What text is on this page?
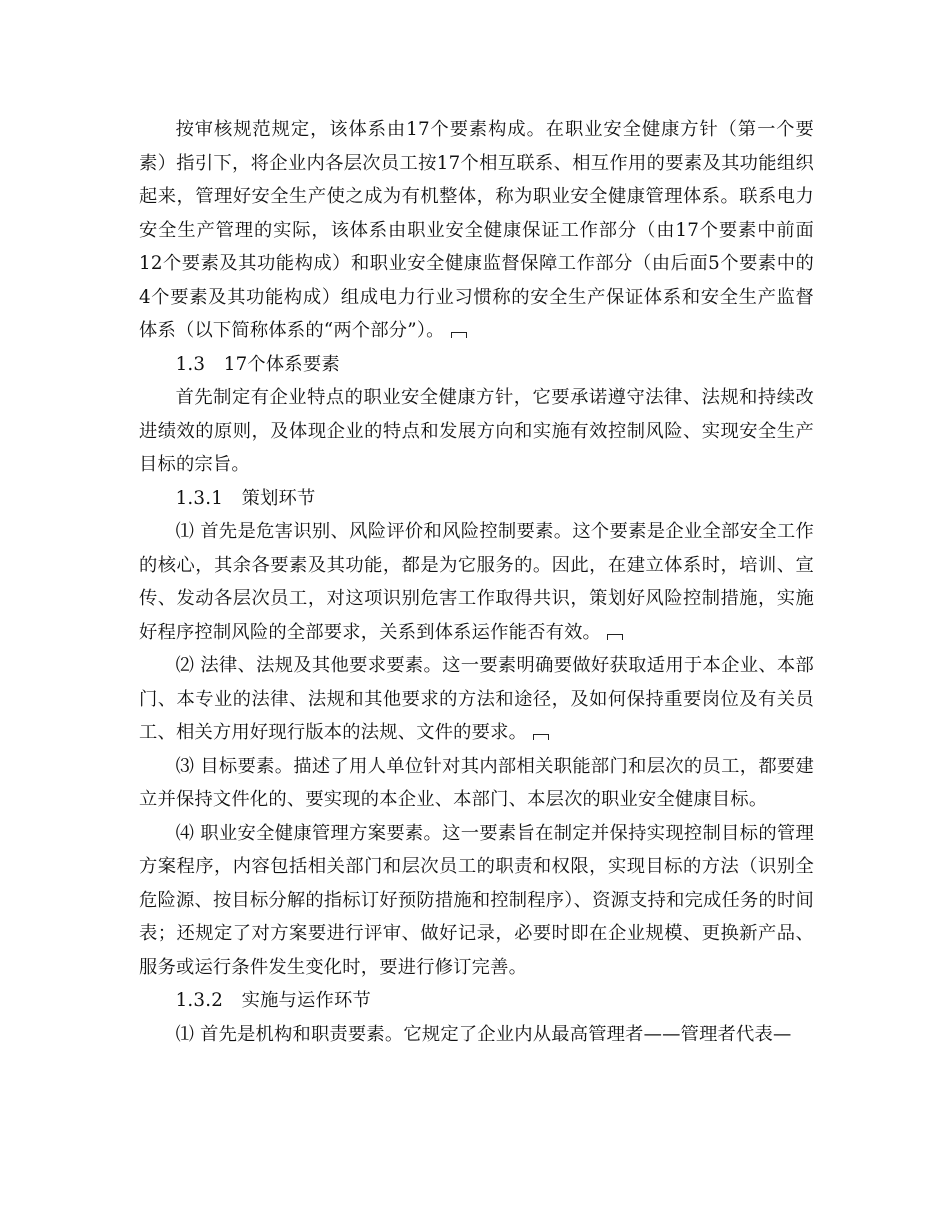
按审核规范规定，该体系由17个要素构成。在职业安全健康方针（第一个要素）指引下，将企业内各层次员工按17个相互联系、相互作用的要素及其功能组织起来，管理好安全生产使之成为有机整体，称为职业安全健康管理体系。联系电力安全生产管理的实际，该体系由职业安全健康保证工作部分（由17个要素中前面12个要素及其功能构成）和职业安全健康监督保障工作部分（由后面5个要素中的4个要素及其功能构成）组成电力行业习惯称的安全生产保证体系和安全生产监督体系（以下简称体系的“两个部分”）。

1.3　17个体系要素

首先制定有企业特点的职业安全健康方针，它要承诺遵守法律、法规和持续改进绩效的原则，及体现企业的特点和发展方向和实施有效控制风险、实现安全生产目标的宗旨。

1.3.1　策划环节

⑴ 首先是危害识别、风险评价和风险控制要素。这个要素是企业全部安全工作的核心，其余各要素及其功能，都是为它服务的。因此，在建立体系时，培训、宣传、发动各层次员工，对这项识别危害工作取得共识，策划好风险控制措施，实施好程序控制风险的全部要求，关系到体系运作能否有效。

⑵ 法律、法规及其他要求要素。这一要素明确要做好获取适用于本企业、本部门、本专业的法律、法规和其他要求的方法和途径，及如何保持重要岗位及有关员工、相关方用好现行版本的法规、文件的要求。

⑶ 目标要素。描述了用人单位针对其内部相关职能部门和层次的员工，都要建立并保持文件化的、要实现的本企业、本部门、本层次的职业安全健康目标。

⑷ 职业安全健康管理方案要素。这一要素旨在制定并保持实现控制目标的管理方案程序，内容包括相关部门和层次员工的职责和权限，实现目标的方法（识别全危险源、按目标分解的指标订好预防措施和控制程序）、资源支持和完成任务的时间表；还规定了对方案要进行评审、做好记录，必要时即在企业规模、更换新产品、服务或运行条件发生变化时，要进行修订完善。

1.3.2　实施与运作环节

⑴ 首先是机构和职责要素。它规定了企业内从最高管理者——管理者代表—
